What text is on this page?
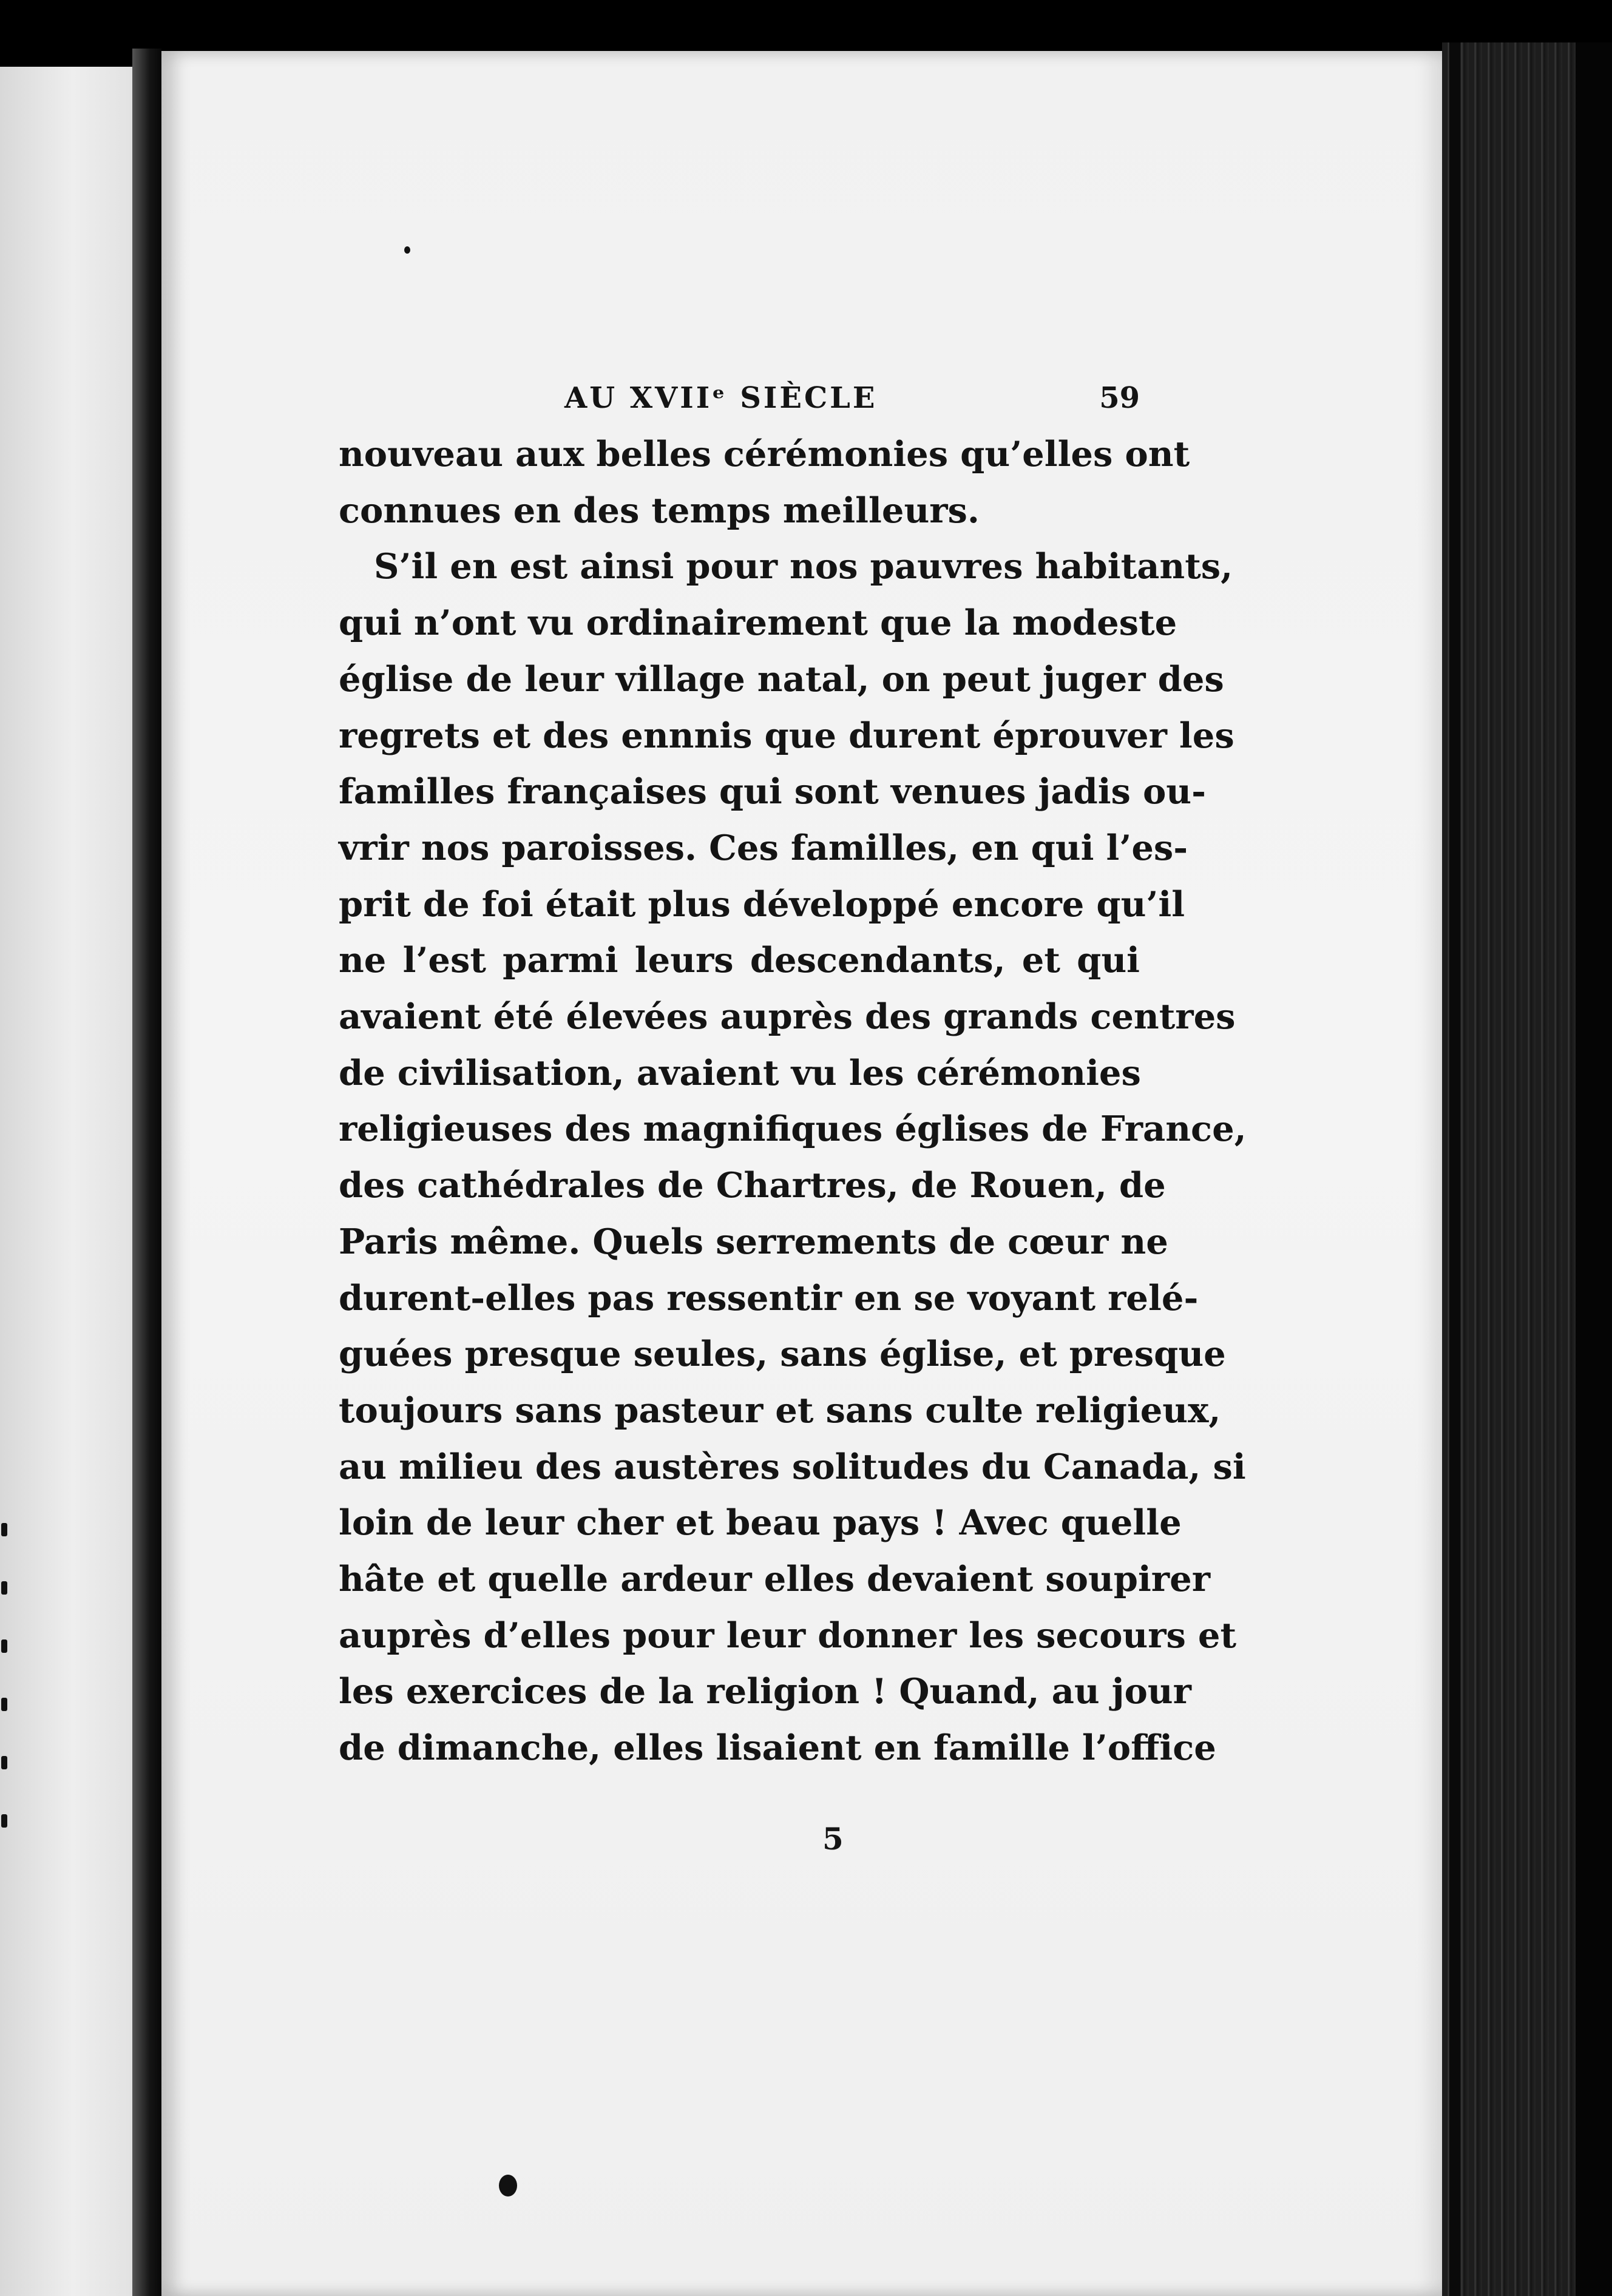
AU XVIIᵉ SIÈCLE	59
nouveau aux belles cérémonies qu’elles ont
connues en des temps meilleurs.
S’il en est ainsi pour nos pauvres habitants,
qui n’ont vu ordinairement que la modeste
église de leur village natal, on peut juger des
regrets et des ennnis que durent éprouver les
familles françaises qui sont venues jadis ou-
vrir nos paroisses. Ces familles, en qui l’es-
prit de foi était plus développé encore qu’il
ne l’est parmi leurs descendants, et qui
avaient été élevées auprès des grands centres
de civilisation, avaient vu les cérémonies
religieuses des magnifiques églises de France,
des cathédrales de Chartres, de Rouen, de
Paris même. Quels serrements de cœur ne
durent-elles pas ressentir en se voyant relé-
guées presque seules, sans église, et presque
toujours sans pasteur et sans culte religieux,
au milieu des austères solitudes du Canada, si
loin de leur cher et beau pays ! Avec quelle
hâte et quelle ardeur elles devaient soupirer
auprès d’elles pour leur donner les secours et
les exercices de la religion ! Quand, au jour
de dimanche, elles lisaient en famille l’office
5
